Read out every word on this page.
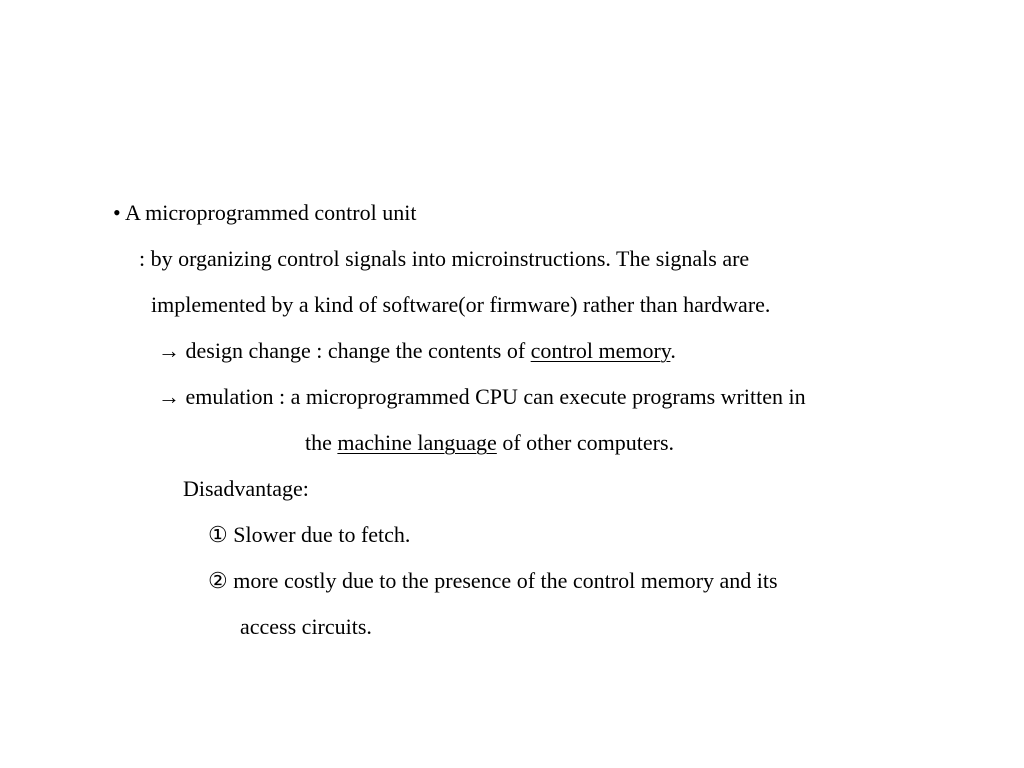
• A microprogrammed control unit
: by organizing control signals into microinstructions. The signals are
implemented by a kind of software(or firmware) rather than hardware.
→ design change : change the contents of control memory.
→ emulation : a microprogrammed CPU can execute programs written in
the machine language of other computers.
Disadvantage:
① Slower due to fetch.
② more costly due to the presence of the control memory and its
access circuits.
